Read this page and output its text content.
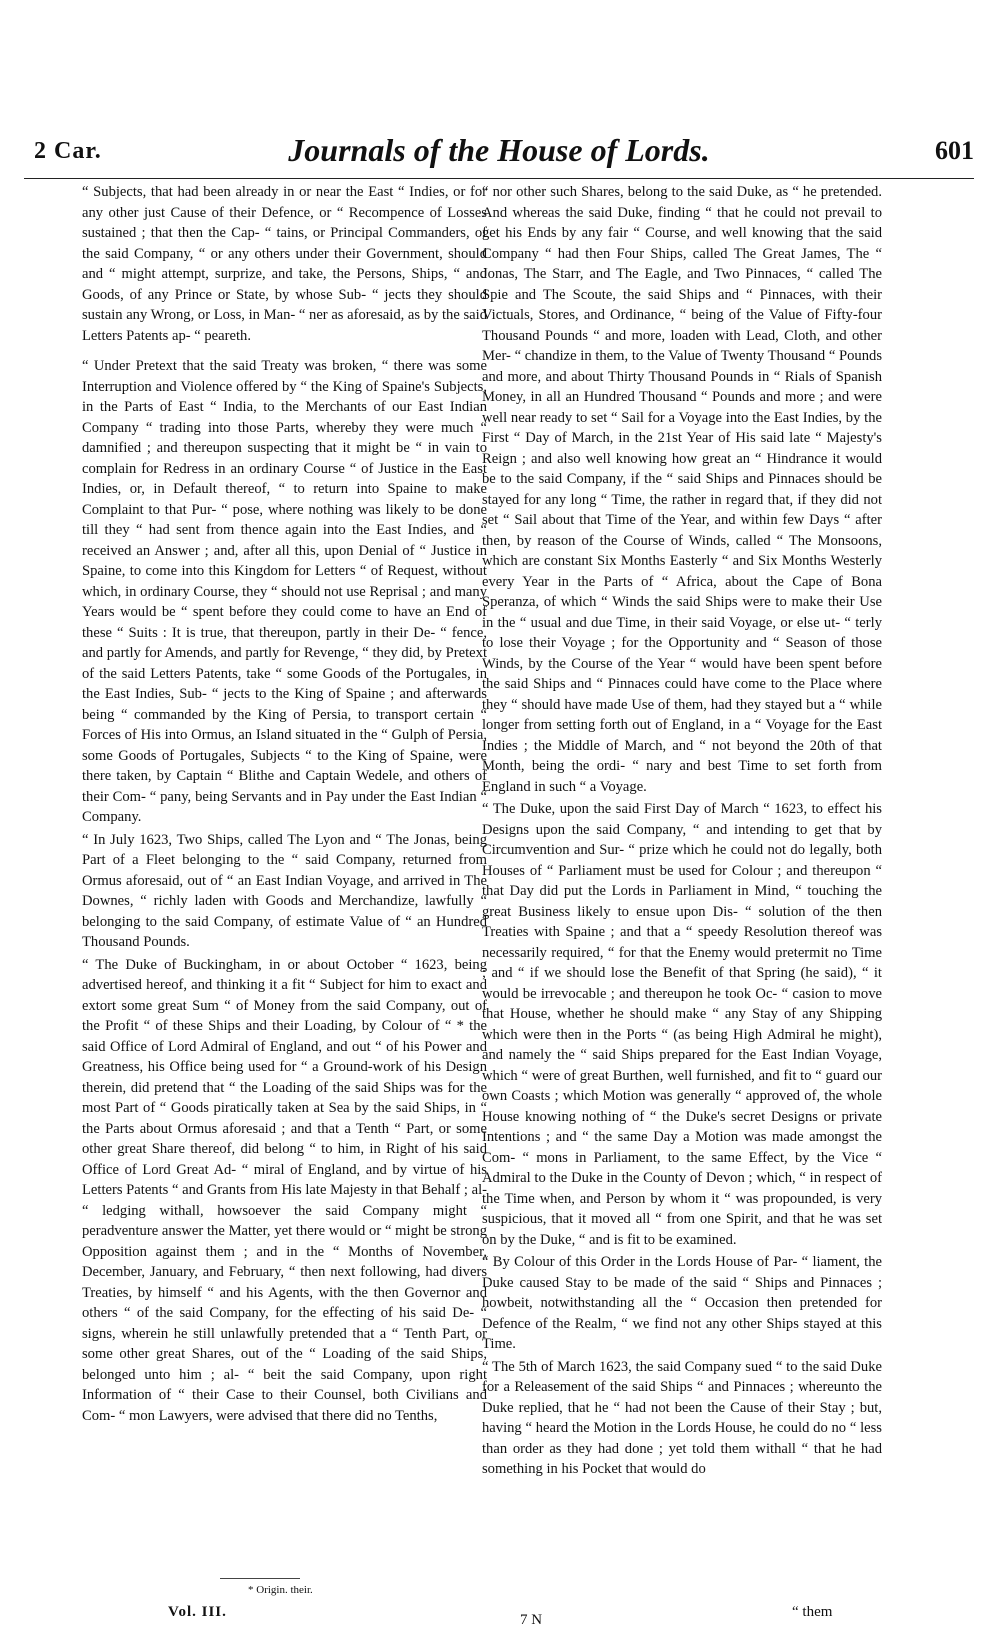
2 Car.	Journals of the House of Lords.	601

“ Subjects, that had been already in or near the East “ Indies, or for any other just Cause of their Defence, or “ Recompence of Losses sustained ; that then the Cap- “ tains, or Principal Commanders, of the said Company, “ or any others under their Government, should and “ might attempt, surprize, and take, the Persons, Ships, “ and Goods, of any Prince or State, by whose Sub- “ jects they should sustain any Wrong, or Loss, in Man- “ ner as aforesaid, as by the said Letters Patents ap- “ peareth.

“ Under Pretext that the said Treaty was broken, “ there was some Interruption and Violence offered by “ the King of Spaine's Subjects, in the Parts of East “ India, to the Merchants of our East Indian Company “ trading into those Parts, whereby they were much “ damnified ; and thereupon suspecting that it might be “ in vain to complain for Redress in an ordinary Course “ of Justice in the East Indies, or, in Default thereof, “ to return into Spaine to make Complaint to that Pur- “ pose, where nothing was likely to be done till they “ had sent from thence again into the East Indies, and “ received an Answer ; and, after all this, upon Denial of “ Justice in Spaine, to come into this Kingdom for Letters “ of Request, without which, in ordinary Course, they “ should not use Reprisal ; and many Years would be “ spent before they could come to have an End of these “ Suits : It is true, that thereupon, partly in their De- “ fence, and partly for Amends, and partly for Revenge, “ they did, by Pretext of the said Letters Patents, take “ some Goods of the Portugales, in the East Indies, Sub- “ jects to the King of Spaine ; and afterwards being “ commanded by the King of Persia, to transport certain “ Forces of His into Ormus, an Island situated in the “ Gulph of Persia, some Goods of Portugales, Subjects “ to the King of Spaine, were there taken, by Captain “ Blithe and Captain Wedele, and others of their Com- “ pany, being Servants and in Pay under the East Indian “ Company.

“ In July 1623, Two Ships, called The Lyon and “ The Jonas, being Part of a Fleet belonging to the “ said Company, returned from Ormus aforesaid, out of “ an East Indian Voyage, and arrived in The Downes, “ richly laden with Goods and Merchandize, lawfully “ belonging to the said Company, of estimate Value of “ an Hundred Thousand Pounds.

“ The Duke of Buckingham, in or about October “ 1623, being advertised hereof, and thinking it a fit “ Subject for him to exact and extort some great Sum “ of Money from the said Company, out of the Profit “ of these Ships and their Loading, by Colour of “ * the said Office of Lord Admiral of England, and out “ of his Power and Greatness, his Office being used for “ a Ground-work of his Design therein, did pretend that “ the Loading of the said Ships was for the most Part of “ Goods piratically taken at Sea by the said Ships, in “ the Parts about Ormus aforesaid ; and that a Tenth “ Part, or some other great Share thereof, did belong “ to him, in Right of his said Office of Lord Great Ad- “ miral of England, and by virtue of his Letters Patents “ and Grants from His late Majesty in that Behalf ; al- “ ledging withall, howsoever the said Company might “ peradventure answer the Matter, yet there would or “ might be strong Opposition against them ; and in the “ Months of November, December, January, and February, “ then next following, had divers Treaties, by himself “ and his Agents, with the then Governor and others “ of the said Company, for the effecting of his said De- “ signs, wherein he still unlawfully pretended that a “ Tenth Part, or some other great Shares, out of the “ Loading of the said Ships, belonged unto him ; al- “ beit the said Company, upon right Information of “ their Case to their Counsel, both Civilians and Com- “ mon Lawyers, were advised that there did no Tenths,

“ nor other such Shares, belong to the said Duke, as “ he pretended. And whereas the said Duke, finding “ that he could not prevail to get his Ends by any fair “ Course, and well knowing that the said Company “ had then Four Ships, called The Great James, The “ Jonas, The Starr, and The Eagle, and Two Pinnaces, “ called The Spie and The Scoute, the said Ships and “ Pinnaces, with their Victuals, Stores, and Ordinance, “ being of the Value of Fifty-four Thousand Pounds “ and more, loaden with Lead, Cloth, and other Mer- “ chandize in them, to the Value of Twenty Thousand “ Pounds and more, and about Thirty Thousand Pounds in “ Rials of Spanish Money, in all an Hundred Thousand “ Pounds and more ; and were well near ready to set “ Sail for a Voyage into the East Indies, by the First “ Day of March, in the 21st Year of His said late “ Majesty's Reign ; and also well knowing how great an “ Hindrance it would be to the said Company, if the “ said Ships and Pinnaces should be stayed for any long “ Time, the rather in regard that, if they did not set “ Sail about that Time of the Year, and within few Days “ after then, by reason of the Course of Winds, called “ The Monsoons, which are constant Six Months Easterly “ and Six Months Westerly every Year in the Parts of “ Africa, about the Cape of Bona Speranza, of which “ Winds the said Ships were to make their Use in the “ usual and due Time, in their said Voyage, or else ut- “ terly to lose their Voyage ; for the Opportunity and “ Season of those Winds, by the Course of the Year “ would have been spent before the said Ships and “ Pinnaces could have come to the Place where they “ should have made Use of them, had they stayed but a “ while longer from setting forth out of England, in a “ Voyage for the East Indies ; the Middle of March, and “ not beyond the 20th of that Month, being the ordi- “ nary and best Time to set forth from England in such “ a Voyage.

“ The Duke, upon the said First Day of March “ 1623, to effect his Designs upon the said Company, “ and intending to get that by Circumvention and Sur- “ prize which he could not do legally, both Houses of “ Parliament must be used for Colour ; and thereupon “ that Day did put the Lords in Parliament in Mind, “ touching the great Business likely to ensue upon Dis- “ solution of the then Treaties with Spaine ; and that a “ speedy Resolution thereof was necessarily required, “ for that the Enemy would pretermit no Time ; and “ if we should lose the Benefit of that Spring (he said), “ it would be irrevocable ; and thereupon he took Oc- “ casion to move that House, whether he should make “ any Stay of any Shipping which were then in the Ports “ (as being High Admiral he might), and namely the “ said Ships prepared for the East Indian Voyage, which “ were of great Burthen, well furnished, and fit to “ guard our own Coasts ; which Motion was generally “ approved of, the whole House knowing nothing of “ the Duke's secret Designs or private Intentions ; and “ the same Day a Motion was made amongst the Com- “ mons in Parliament, to the same Effect, by the Vice “ Admiral to the Duke in the County of Devon ; which, “ in respect of the Time when, and Person by whom it “ was propounded, is very suspicious, that it moved all “ from one Spirit, and that he was set on by the Duke, “ and is fit to be examined.

“ By Colour of this Order in the Lords House of Par- “ liament, the Duke caused Stay to be made of the said “ Ships and Pinnaces ; howbeit, notwithstanding all the “ Occasion then pretended for Defence of the Realm, “ we find not any other Ships stayed at this Time.

“ The 5th of March 1623, the said Company sued “ to the said Duke for a Releasement of the said Ships “ and Pinnaces ; whereunto the Duke replied, that he “ had not been the Cause of their Stay ; but, having “ heard the Motion in the Lords House, he could do no “ less than order as they had done ; yet told them withall “ that he had something in his Pocket that would do

* Origin. their.
Vol. III.	7 N	“ them
